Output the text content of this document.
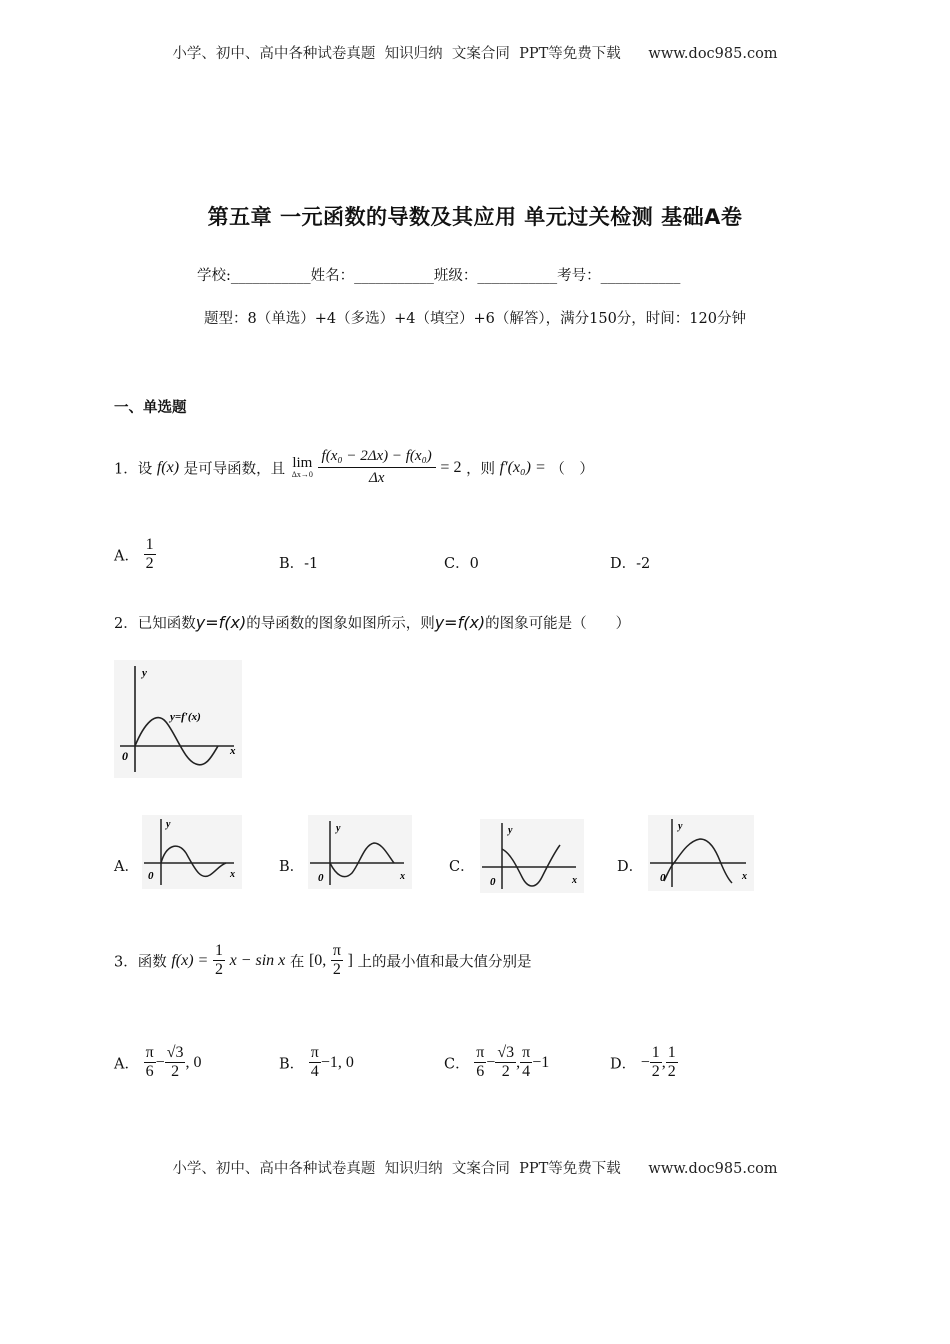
小学、初中、高中各种试卷真题  知识归纳  文案合同  PPT等免费下载      www.doc985.com
小学、初中、高中各种试卷真题  知识归纳  文案合同  PPT等免费下载      www.doc985.com
第五章 一元函数的导数及其应用 单元过关检测 基础A卷
学校:___________姓名：___________班级：___________考号：___________
题型：8（单选）+4（多选）+4（填空）+6（解答），满分150分，时间：120分钟
一、单选题
1．设 f(x) 是可导函数，且 lim
Δx→0
$\frac{\text{f(x₀ − 2Δx) − f(x₀)}}{\Delta x} = 2$ ，则 f′(x₀) = （　）
A． $\frac{1}{2}$	B．-1	C．0	D．-2
2．已知函数y=f(x)的导函数的图象如图所示，则y=f(x)的图象可能是（　　）
y
x
0
y=f′(x)
A．
y
x
0
B．
y
x
0
C．
y
x
0
D．
y
x
0
3．函数 $f(x) = \frac{1}{2}$ x − sin x 在 [0, $\frac{\pi}{2}$ ] 上的最小值和最大值分别是
A． $\frac{\pi}{6} - \frac{√3}{2}$ , 0	B． $\frac{\pi}{4} -1$, 0	C． $\frac{\pi}{6} - \frac{√3}{2}$ , $\frac{\pi}{4} -1$	D． − $\frac{1}{2}$ , $\frac{1}{2}$
